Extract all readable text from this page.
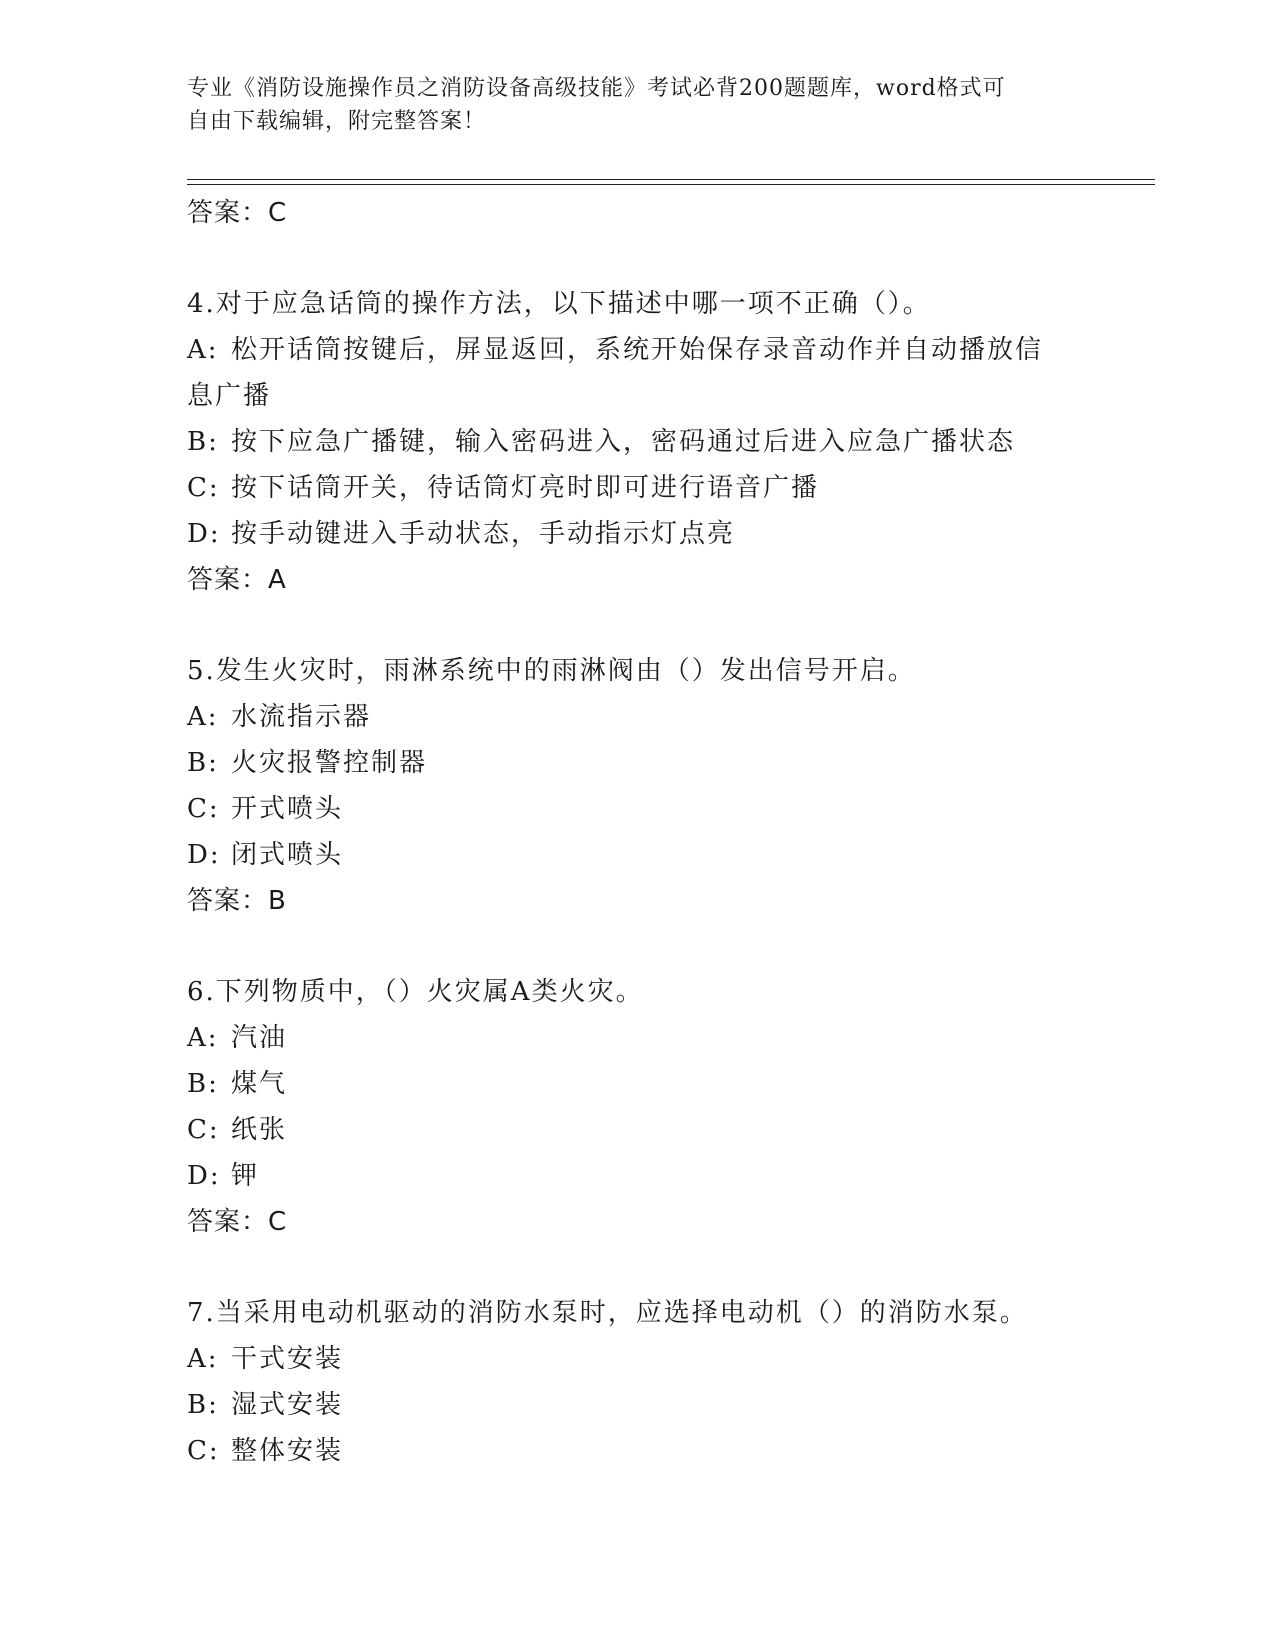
专业《消防设施操作员之消防设备高级技能》考试必背200题题库，word格式可
自由下载编辑，附完整答案！
答案：C
4.对于应急话筒的操作方法，以下描述中哪一项不正确（）。
A: 松开话筒按键后，屏显返回，系统开始保存录音动作并自动播放信
息广播
B: 按下应急广播键，输入密码进入，密码通过后进入应急广播状态
C: 按下话筒开关，待话筒灯亮时即可进行语音广播
D: 按手动键进入手动状态，手动指示灯点亮
答案：A
5.发生火灾时，雨淋系统中的雨淋阀由（）发出信号开启。
A: 水流指示器
B: 火灾报警控制器
C: 开式喷头
D: 闭式喷头
答案：B
6.下列物质中，（）火灾属A类火灾。
A: 汽油
B: 煤气
C: 纸张
D: 钾
答案：C
7.当采用电动机驱动的消防水泵时，应选择电动机（）的消防水泵。
A: 干式安装
B: 湿式安装
C: 整体安装
